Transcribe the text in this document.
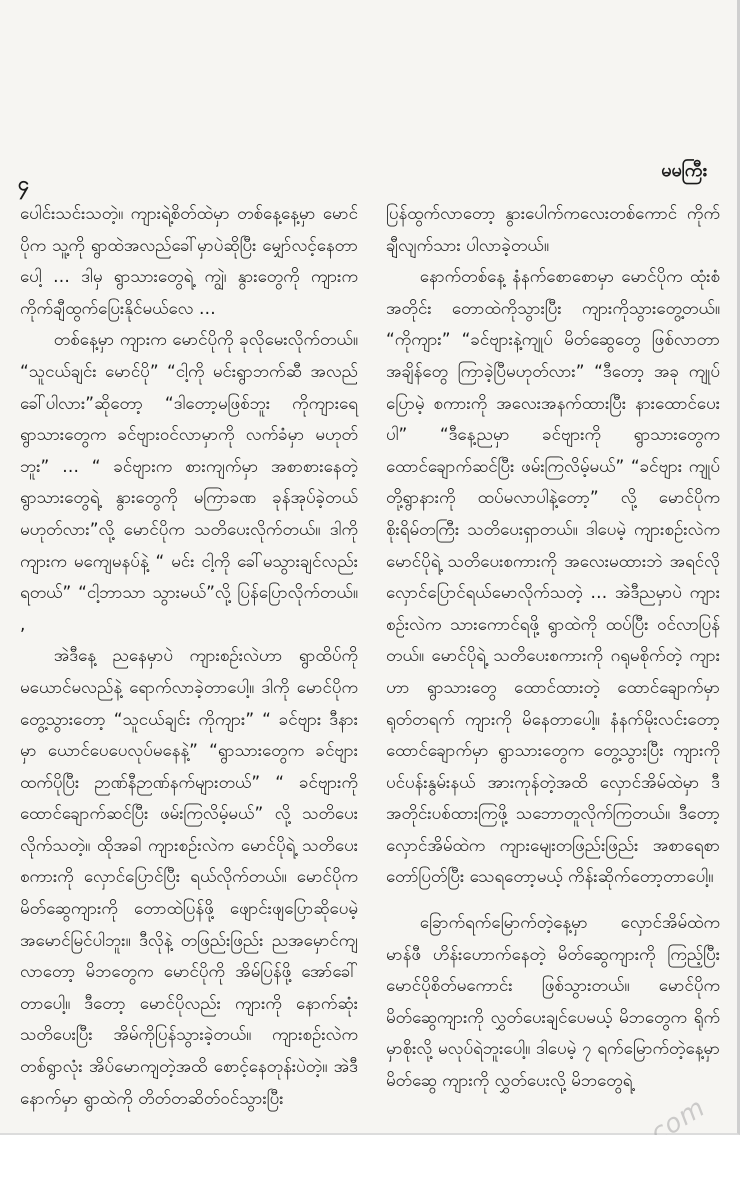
၄
မမကြီး

ပေါင်းသင်းသတဲ့။ ကျားရဲ့စိတ်ထဲမှာ တစ်နေ့နေ့မှာ မောင်ပိုက သူ့ကို ရွာထဲအလည်ခေါ်မှာပဲဆိုပြီး မျှော်လင့်နေတာပေါ့ … ဒါမှ ရွာသားတွေရဲ့ ကျွဲ၊ နွားတွေကို ကျားက ကိုက်ချီထွက်ပြေးနိုင်မယ်လေ …

တစ်နေ့မှာ ကျားက မောင်ပိုကို ခုလိုမေးလိုက်တယ်။ “သူငယ်ချင်း မောင်ပို” “ငါ့ကို မင်းရွာဘက်ဆီ အလည်ခေါ်ပါလား”ဆိုတော့ “ဒါတော့မဖြစ်ဘူး ကိုကျားရေ ရွာသားတွေက ခင်ဗျားဝင်လာမှာကို လက်ခံမှာ မဟုတ်ဘူး” … “ ခင်ဗျားက စားကျက်မှာ အစာစားနေတဲ့ ရွာသားတွေရဲ့ နွားတွေကို မကြာခဏ ခုန်အုပ်ခဲ့တယ်မဟုတ်လား”လို့ မောင်ပိုက သတိပေးလိုက်တယ်။ ဒါကို ကျားက မကျေမနပ်နဲ့ “ မင်း ငါ့ကို ခေါ်မသွားချင်လည်း ရတယ်” “ငါ့ဘာသာ သွားမယ်”လို့ ပြန်ပြောလိုက်တယ်။ ,

အဲဒီနေ့ ညနေမှာပဲ ကျားစဉ်းလဲဟာ ရွာထိပ်ကို မယောင်မလည်နဲ့ ရောက်လာခဲ့တာပေါ့။ ဒါကို မောင်ပိုက တွေ့သွားတော့ “သူငယ်ချင်း ကိုကျား” “ ခင်ဗျား ဒီနားမှာ ယောင်ပေပေလုပ်မနေနဲ့” “ရွာသားတွေက ခင်ဗျားထက်ပိုပြီး ဉာဏ်နီဉာဏ်နက်များတယ်” “ ခင်ဗျားကို ထောင်ချောက်ဆင်ပြီး ဖမ်းကြလိမ့်မယ်” လို့ သတိပေးလိုက်သတဲ့။ ထိုအခါ ကျားစဉ်းလဲက မောင်ပိုရဲ့ သတိပေးစကားကို လှောင်ပြောင်ပြီး ရယ်လိုက်တယ်။ မောင်ပိုက မိတ်ဆွေကျားကို တောထဲပြန်ဖို့ ဖျောင်းဖျပြောဆိုပေမဲ့ အမောင်မြင်ပါဘူး။ ဒီလိုနဲ့ တဖြည်းဖြည်း ညအမှောင်ကျလာတော့ မိဘတွေက မောင်ပိုကို အိမ်ပြန်ဖို့ အော်ခေါ်တာပေါ့။ ဒီတော့ မောင်ပိုလည်း ကျားကို နောက်ဆုံး သတိပေးပြီး အိမ်ကိုပြန်သွားခဲ့တယ်။ ကျားစဉ်းလဲက တစ်ရွာလုံး အိပ်မောကျတဲ့အထိ စောင့်နေတုန်းပဲတဲ့။ အဲဒီနောက်မှာ ရွာထဲကို တိတ်တဆိတ်ဝင်သွားပြီး

ပြန်ထွက်လာတော့ နွားပေါက်ကလေးတစ်ကောင် ကိုက်ချီလျက်သား ပါလာခဲ့တယ်။

နောက်တစ်နေ့ နံနက်စောစောမှာ မောင်ပိုက ထုံးစံအတိုင်း တောထဲကိုသွားပြီး ကျားကိုသွားတွေ့တယ်။ “ကိုကျား” “ခင်ဗျားနဲ့ကျုပ် မိတ်ဆွေတွေ ဖြစ်လာတာ အချိန်တွေ ကြာခဲ့ပြီမဟုတ်လား” “ဒီတော့ အခု ကျုပ်ပြောမဲ့ စကားကို အလေးအနက်ထားပြီး နားထောင်ပေးပါ” “ဒီနေ့ညမှာ ခင်ဗျားကို ရွာသားတွေက ထောင်ချောက်ဆင်ပြီး ဖမ်းကြလိမ့်မယ်” “ခင်ဗျား ကျုပ်တို့ရွာနားကို ထပ်မလာပါနဲ့တော့” လို့ မောင်ပိုက စိုးရိမ်တကြီး သတိပေးရှာတယ်။ ဒါပေမဲ့ ကျားစဉ်းလဲက မောင်ပိုရဲ့ သတိပေးစကားကို အလေးမထားဘဲ အရင်လို လှောင်ပြောင်ရယ်မောလိုက်သတဲ့ … အဲဒီညမှာပဲ ကျားစဉ်းလဲက သားကောင်ရဖို့ ရွာထဲကို ထပ်ပြီး ဝင်လာပြန်တယ်။ မောင်ပိုရဲ့ သတိပေးစကားကို ဂရုမစိုက်တဲ့ ကျားဟာ ရွာသားတွေ ထောင်ထားတဲ့ ထောင်ချောက်မှာ ရုတ်တရက် ကျားကို မိနေတာပေါ့။ နံနက်မိုးလင်းတော့ ထောင်ချောက်မှာ ရွာသားတွေက တွေ့သွားပြီး ကျားကို ပင်ပန်းနွမ်းနယ် အားကုန်တဲ့အထိ လှောင်အိမ်ထဲမှာ ဒီအတိုင်းပစ်ထားကြဖို့ သဘောတူလိုက်ကြတယ်။ ဒီတော့ လှောင်အိမ်ထဲက ကျားမျေးတဖြည်းဖြည်း အစာရေစာတော်ပြတ်ပြီး သေရတော့မယ့် ကိန်းဆိုက်တော့တာပေါ့။

ခြောက်ရက်မြောက်တဲ့နေ့မှာ လှောင်အိမ်ထဲက မာန်ဖီ ဟိန်းဟောက်နေတဲ့ မိတ်ဆွေကျားကို ကြည့်ပြီး မောင်ပိုစိတ်မကောင်း ဖြစ်သွားတယ်။ မောင်ပိုက မိတ်ဆွေကျားကို လွှတ်ပေးချင်ပေမယ့် မိဘတွေက ရိုက်မှာစိုးလို့ မလုပ်ရဲဘူးပေါ့။ ဒါပေမဲ့ ၇ ရက်မြောက်တဲ့နေ့မှာ မိတ်ဆွေ ကျားကို လွှတ်ပေးလို့ မိဘတွေရဲ့
